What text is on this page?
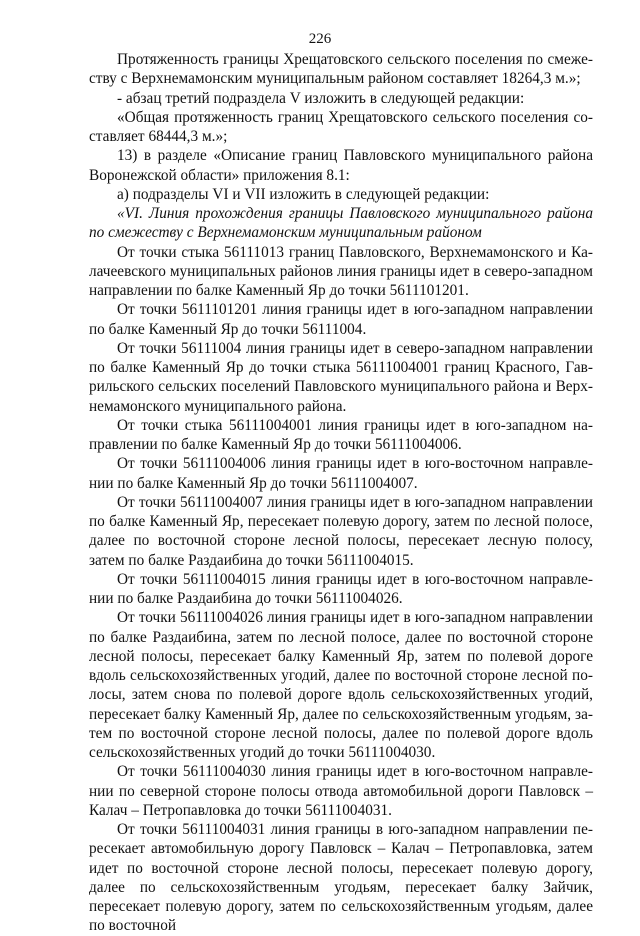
226

Протяженность границы Хрещатовского сельского поселения по смежеству с Верхнемамонским муниципальным районом составляет 18264,3 м.»;

- абзац третий подраздела V изложить в следующей редакции:

«Общая протяженность границ Хрещатовского сельского поселения составляет 68444,3 м.»;

13) в разделе «Описание границ Павловского муниципального района Воронежской области» приложения 8.1:

а) подразделы VI и VII изложить в следующей редакции:

«VI. Линия прохождения границы Павловского муниципального района по смежеству с Верхнемамонским муниципальным районом

От точки стыка 56111013 границ Павловского, Верхнемамонского и Калачеевского муниципальных районов линия границы идет в северо-западном направлении по балке Каменный Яр до точки 5611101201.

От точки 5611101201 линия границы идет в юго-западном направлении по балке Каменный Яр до точки 56111004.

От точки 56111004 линия границы идет в северо-западном направлении по балке Каменный Яр до точки стыка 56111004001 границ Красного, Гаврильского сельских поселений Павловского муниципального района и Верхнемамонского муниципального района.

От точки стыка 56111004001 линия границы идет в юго-западном направлении по балке Каменный Яр до точки 56111004006.

От точки 56111004006 линия границы идет в юго-восточном направлении по балке Каменный Яр до точки 56111004007.

От точки 56111004007 линия границы идет в юго-западном направлении по балке Каменный Яр, пересекает полевую дорогу, затем по лесной полосе, далее по восточной стороне лесной полосы, пересекает лесную полосу, затем по балке Раздаибина до точки 56111004015.

От точки 56111004015 линия границы идет в юго-восточном направлении по балке Раздаибина до точки 56111004026.

От точки 56111004026 линия границы идет в юго-западном направлении по балке Раздаибина, затем по лесной полосе, далее по восточной стороне лесной полосы, пересекает балку Каменный Яр, затем по полевой дороге вдоль сельскохозяйственных угодий, далее по восточной стороне лесной полосы, затем снова по полевой дороге вдоль сельскохозяйственных угодий, пересекает балку Каменный Яр, далее по сельскохозяйственным угодьям, затем по восточной стороне лесной полосы, далее по полевой дороге вдоль сельскохозяйственных угодий до точки 56111004030.

От точки 56111004030 линия границы идет в юго-восточном направлении по северной стороне полосы отвода автомобильной дороги Павловск – Калач – Петропавловка до точки 56111004031.

От точки 56111004031 линия границы в юго-западном направлении пересекает автомобильную дорогу Павловск – Калач – Петропавловка, затем идет по восточной стороне лесной полосы, пересекает полевую дорогу, далее по сельскохозяйственным угодьям, пересекает балку Зайчик, пересекает полевую дорогу, затем по сельскохозяйственным угодьям, далее по восточной
